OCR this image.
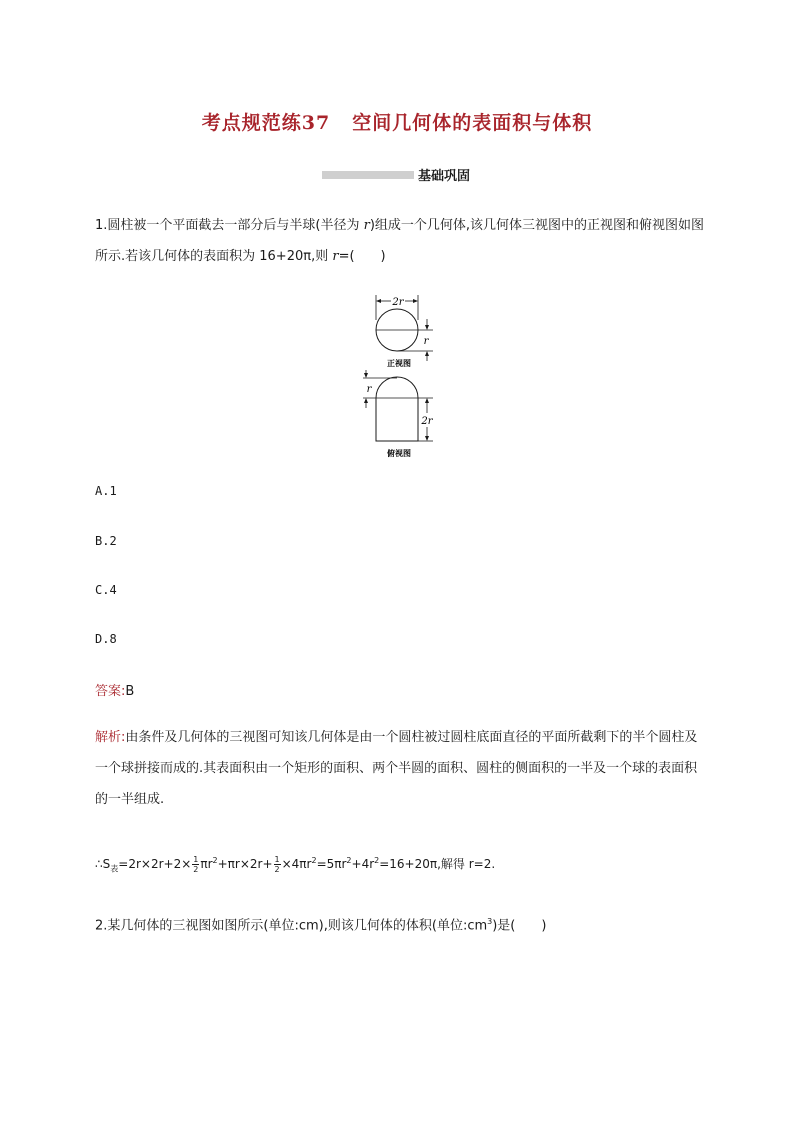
考点规范练37 空间几何体的表面积与体积
基础巩固
1.圆柱被一个平面截去一部分后与半球(半径为 r)组成一个几何体,该几何体三视图中的正视图和俯视图如图所示.若该几何体的表面积为 16+20π,则 r=(　　)
2r
r
正视图
r
2r
俯视图
A.1
B.2
C.4
D.8
答案:B
解析:由条件及几何体的三视图可知该几何体是由一个圆柱被过圆柱底面直径的平面所截剩下的半个圆柱及一个球拼接而成的.其表面积由一个矩形的面积、两个半圆的面积、圆柱的侧面积的一半及一个球的表面积的一半组成.
$\therefore S_表=2r\times 2r+2\times \frac{1}{2} \pi r^2+\pi r\times 2r+ \frac{1}{2} \times 4\pi r^2=5\pi r^2+4r^2=16+20\pi$,解得 r=2.
2.某几何体的三视图如图所示(单位:cm),则该几何体的体积(单位$:cm^3$)是(　　)
